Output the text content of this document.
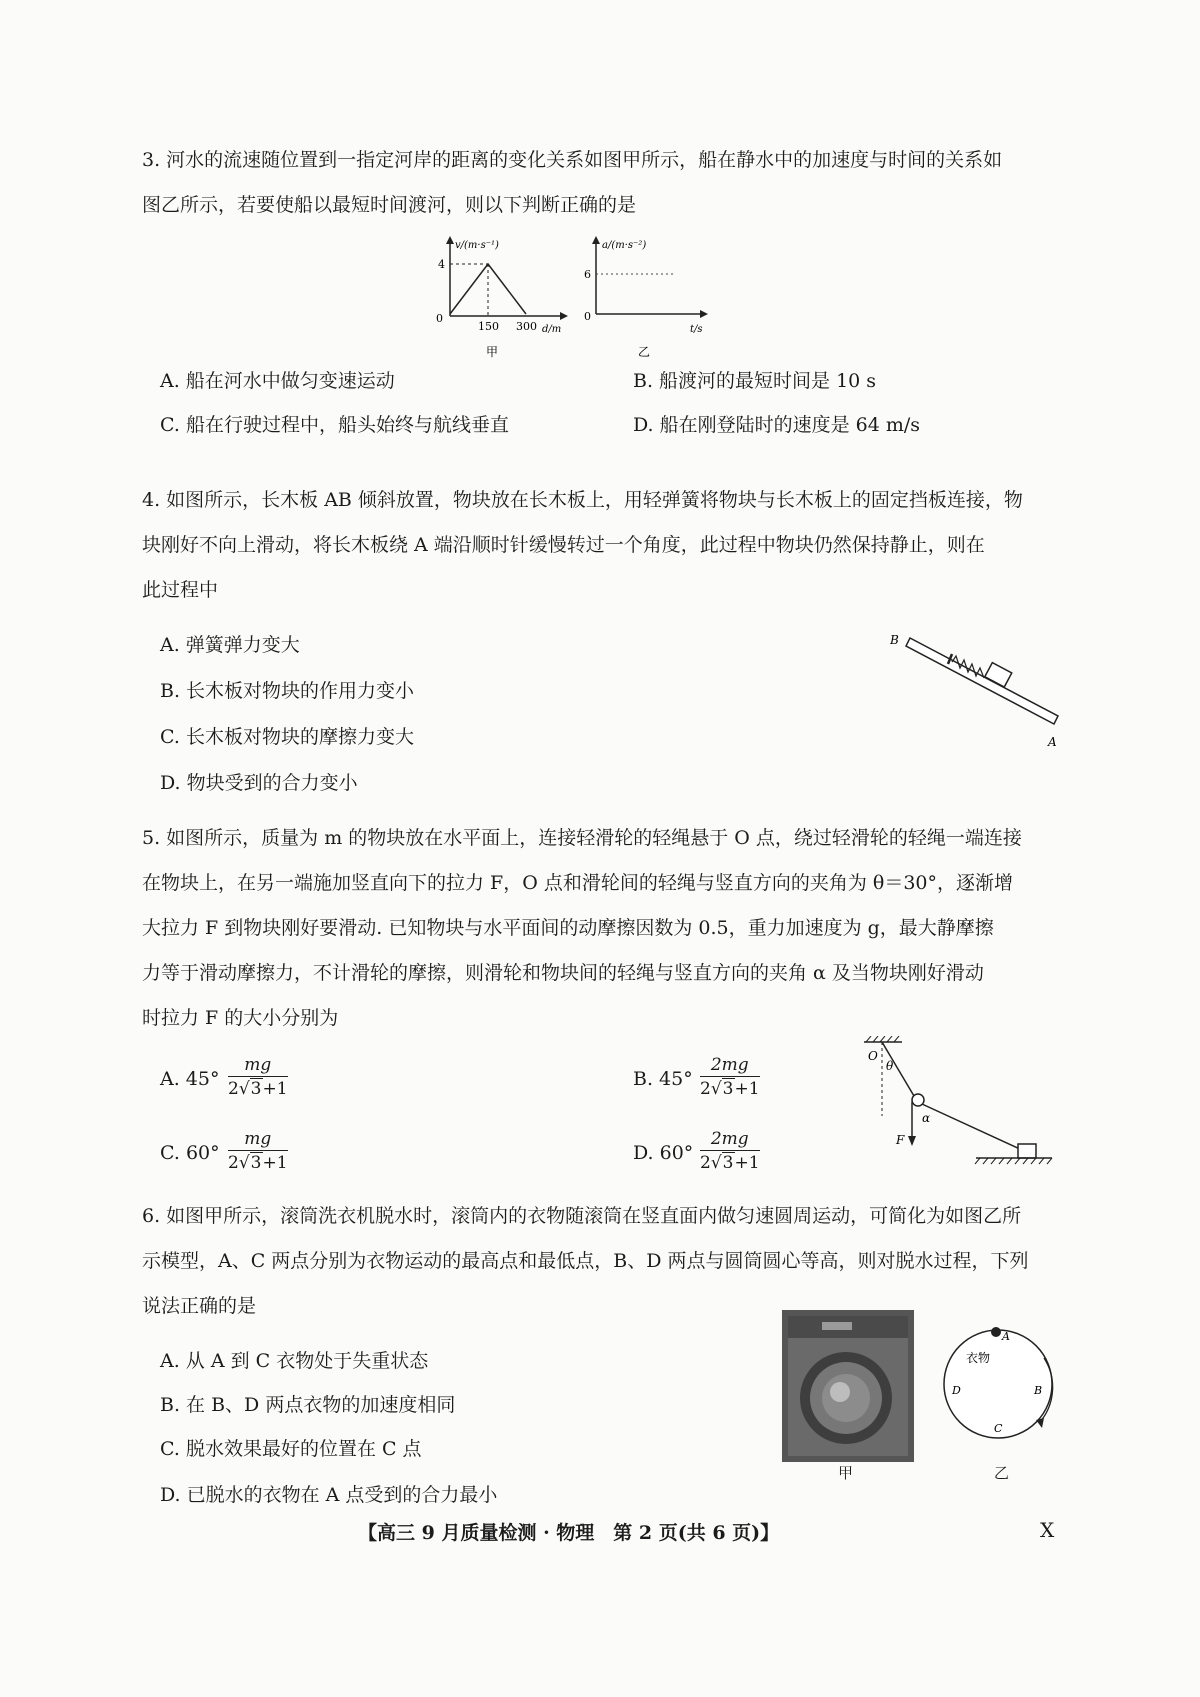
3. 河水的流速随位置到一指定河岸的距离的变化关系如图甲所示，船在静水中的加速度与时间的关系如
图乙所示，若要使船以最短时间渡河，则以下判断正确的是
v/(m·s⁻¹)
4
0
150 300 d/m
甲
a/(m·s⁻²)
6
0
t/s
乙
A. 船在河水中做匀变速运动	B. 船渡河的最短时间是 10 s
C. 船在行驶过程中，船头始终与航线垂直	D. 船在刚登陆时的速度是 64 m/s
4. 如图所示，长木板 AB 倾斜放置，物块放在长木板上，用轻弹簧将物块与长木板上的固定挡板连接，物
块刚好不向上滑动，将长木板绕 A 端沿顺时针缓慢转过一个角度，此过程中物块仍然保持静止，则在
此过程中
A. 弹簧弹力变大
B. 长木板对物块的作用力变小
C. 长木板对物块的摩擦力变大
D. 物块受到的合力变小
B
A
5. 如图所示，质量为 m 的物块放在水平面上，连接轻滑轮的轻绳悬于 O 点，绕过轻滑轮的轻绳一端连接
在物块上，在另一端施加竖直向下的拉力 F，O 点和滑轮间的轻绳与竖直方向的夹角为 θ＝30°，逐渐增
大拉力 F 到物块刚好要滑动. 已知物块与水平面间的动摩擦因数为 0.5，重力加速度为 g，最大静摩擦
力等于滑动摩擦力，不计滑轮的摩擦，则滑轮和物块间的轻绳与竖直方向的夹角 α 及当物块刚好滑动
时拉力 F 的大小分别为
A. $45^\circ \frac{mg}{2√3+1}$	B. $45^\circ \frac{2mg}{2√3+1}$
C. $60^\circ \frac{mg}{2√3+1}$	D. $60^\circ \frac{2mg}{2√3+1}$
O
θ
α
F
6. 如图甲所示，滚筒洗衣机脱水时，滚筒内的衣物随滚筒在竖直面内做匀速圆周运动，可简化为如图乙所
示模型，A、C 两点分别为衣物运动的最高点和最低点，B、D 两点与圆筒圆心等高，则对脱水过程，下列
说法正确的是
A. 从 A 到 C 衣物处于失重状态
B. 在 B、D 两点衣物的加速度相同
C. 脱水效果最好的位置在 C 点
D. 已脱水的衣物在 A 点受到的合力最小
甲
A
B
C
D
衣物
乙
【高三 9 月质量检测 · 物理　第 2 页(共 6 页)】	X
